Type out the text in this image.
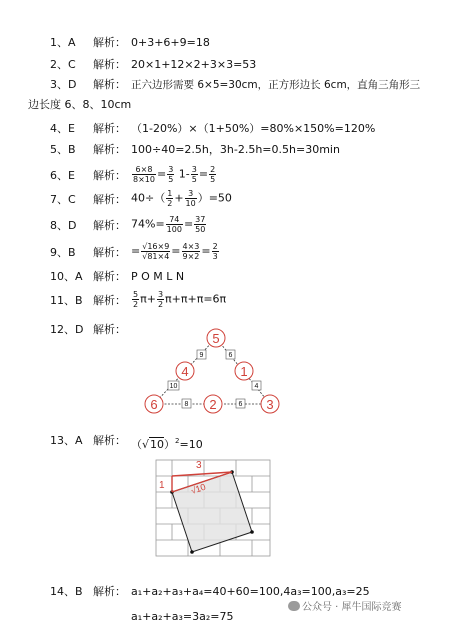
1、A 解析： 0+3+6+9=18
2、C 解析： 20×1+12×2+3×3=53
3、D 解析： 正六边形需要 6×5=30cm，正方形边长 6cm，直角三角形三
边长度 6、8、10cm
4、E 解析： （1-20%）×（1+50%）=80%×150%=120%
5、B 解析： 100÷40=2.5h，3h-2.5h=0.5h=30min
6、E 解析： $\frac{6\times 8}{8\times 10} = \frac{3}{5} 1- \frac{3}{5} = \frac{2}{5}$
7、C 解析： $40\div( \frac{1}{2} + \frac{3}{10} )=50$
8、D 解析： $74\%= \frac{74}{100} = \frac{37}{50}$
9、B 解析： = $\frac{√16\times 9}{√81\times 4} = \frac{4\times 3}{9\times 2} = \frac{2}{3}$
10、A 解析： P O M L N
11、B 解析： $\frac{5}{2} \pi+ \frac{3}{2} \pi+\pi+\pi=6\pi$
12、D 解析：
9	6
10	4
8	6
5
4	1
6	2	3
13、A 解析： $(√10)^2=10$
3
1	√10
14、B 解析： a₁+a₂+a₃+a₄=40+60=100,4a₃=100,a₃=25
a₁+a₂+a₃=3a₂=75
公众号 · 犀牛国际竞赛
